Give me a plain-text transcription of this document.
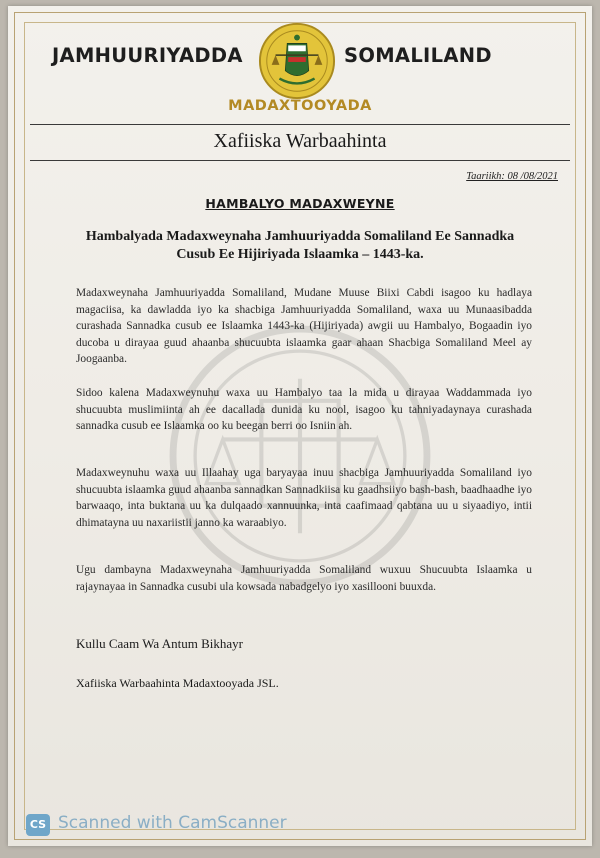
JAMHUURIYADDA	SOMALILAND
MADAXTOOYADA
Xafiiska Warbaahinta
Taariikh: 08 /08/2021
HAMBALYO MADAXWEYNE
Hambalyada Madaxweynaha Jamhuuriyadda Somaliland Ee Sannadka Cusub Ee Hijiriyada Islaamka – 1443-ka.
Madaxweynaha Jamhuuriyadda Somaliland, Mudane Muuse Biixi Cabdi isagoo ku hadlaya magaciisa, ka dawladda iyo ka shacbiga Jamhuuriyadda Somaliland, waxa uu Munaasibadda curashada Sannadka cusub ee Islaamka 1443-ka (Hijiriyada) awgii uu Hambalyo, Bogaadin iyo ducoba u dirayaa guud ahaanba shucuubta islaamka gaar ahaan Shacbiga Somaliland Meel ay Joogaanba.
Sidoo kalena Madaxweynuhu waxa uu Hambalyo taa la mida u dirayaa Waddammada iyo shucuubta muslimiinta ah ee dacallada dunida ku nool, isagoo ku tahniyadaynaya curashada sannadka cusub ee Islaamka oo ku beegan berri oo Isniin ah.
Madaxweynuhu waxa uu Illaahay uga baryayaa inuu shacbiga Jamhuuriyadda Somaliland iyo shucuubta islaamka guud ahaanba sannadkan Sannadkiisa ku gaadhsiiyo bash-bash, baadhaadhe iyo barwaaqo, inta buktana uu ka dulqaado xannuunka, inta caafimaad qabtana uu u siyaadiyo, intii dhimatayna uu naxariistii janno ka waraabiyo.
Ugu dambayna Madaxweynaha Jamhuuriyadda Somaliland wuxuu Shucuubta Islaamka u rajaynayaa in Sannadka cusubi ula kowsada nabadgelyo iyo xasillooni buuxda.
Kullu Caam Wa Antum Bikhayr
Xafiiska Warbaahinta Madaxtooyada JSL.
CS Scanned with CamScanner
